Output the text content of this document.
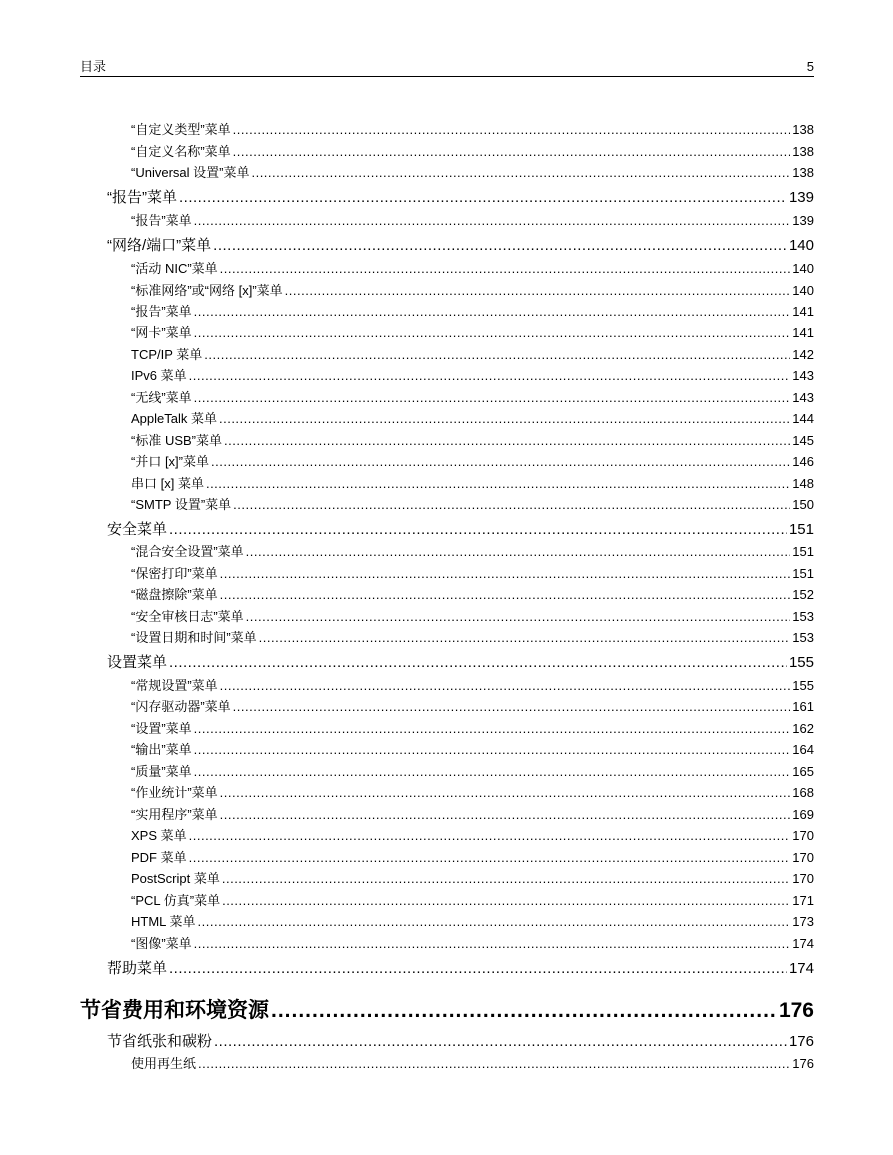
目录	5
“自定义类型”菜单 .....	138
“自定义名称”菜单 .....	138
“Universal 设置”菜单 .....	138
“报告”菜单 .....	139
“报告”菜单 .....	139
“网络/端口”菜单 .....	140
“活动 NIC”菜单 .....	140
“标准网络”或“网络 [x]”菜单 .....	140
“报告”菜单 .....	141
“网卡”菜单 .....	141
TCP/IP 菜单 .....	142
IPv6 菜单 .....	143
“无线”菜单 .....	143
AppleTalk 菜单 .....	144
“标准 USB”菜单 .....	145
“并口 [x]”菜单 .....	146
串口 [x] 菜单 .....	148
“SMTP 设置”菜单 .....	150
安全菜单 .....	151
“混合安全设置”菜单 .....	151
“保密打印”菜单 .....	151
“磁盘擦除”菜单 .....	152
“安全审核日志”菜单 .....	153
“设置日期和时间”菜单 .....	153
设置菜单 .....	155
“常规设置”菜单 .....	155
“闪存驱动器”菜单 .....	161
“设置”菜单 .....	162
“输出”菜单 .....	164
“质量”菜单 .....	165
“作业统计”菜单 .....	168
“实用程序”菜单 .....	169
XPS 菜单 .....	170
PDF 菜单 .....	170
PostScript 菜单 .....	170
“PCL 仿真”菜单 .....	171
HTML 菜单 .....	173
“图像”菜单 .....	174
帮助菜单 .....	174
节省费用和环境资源 .....	176
节省纸张和碳粉 .....	176
使用再生纸 .....	176
